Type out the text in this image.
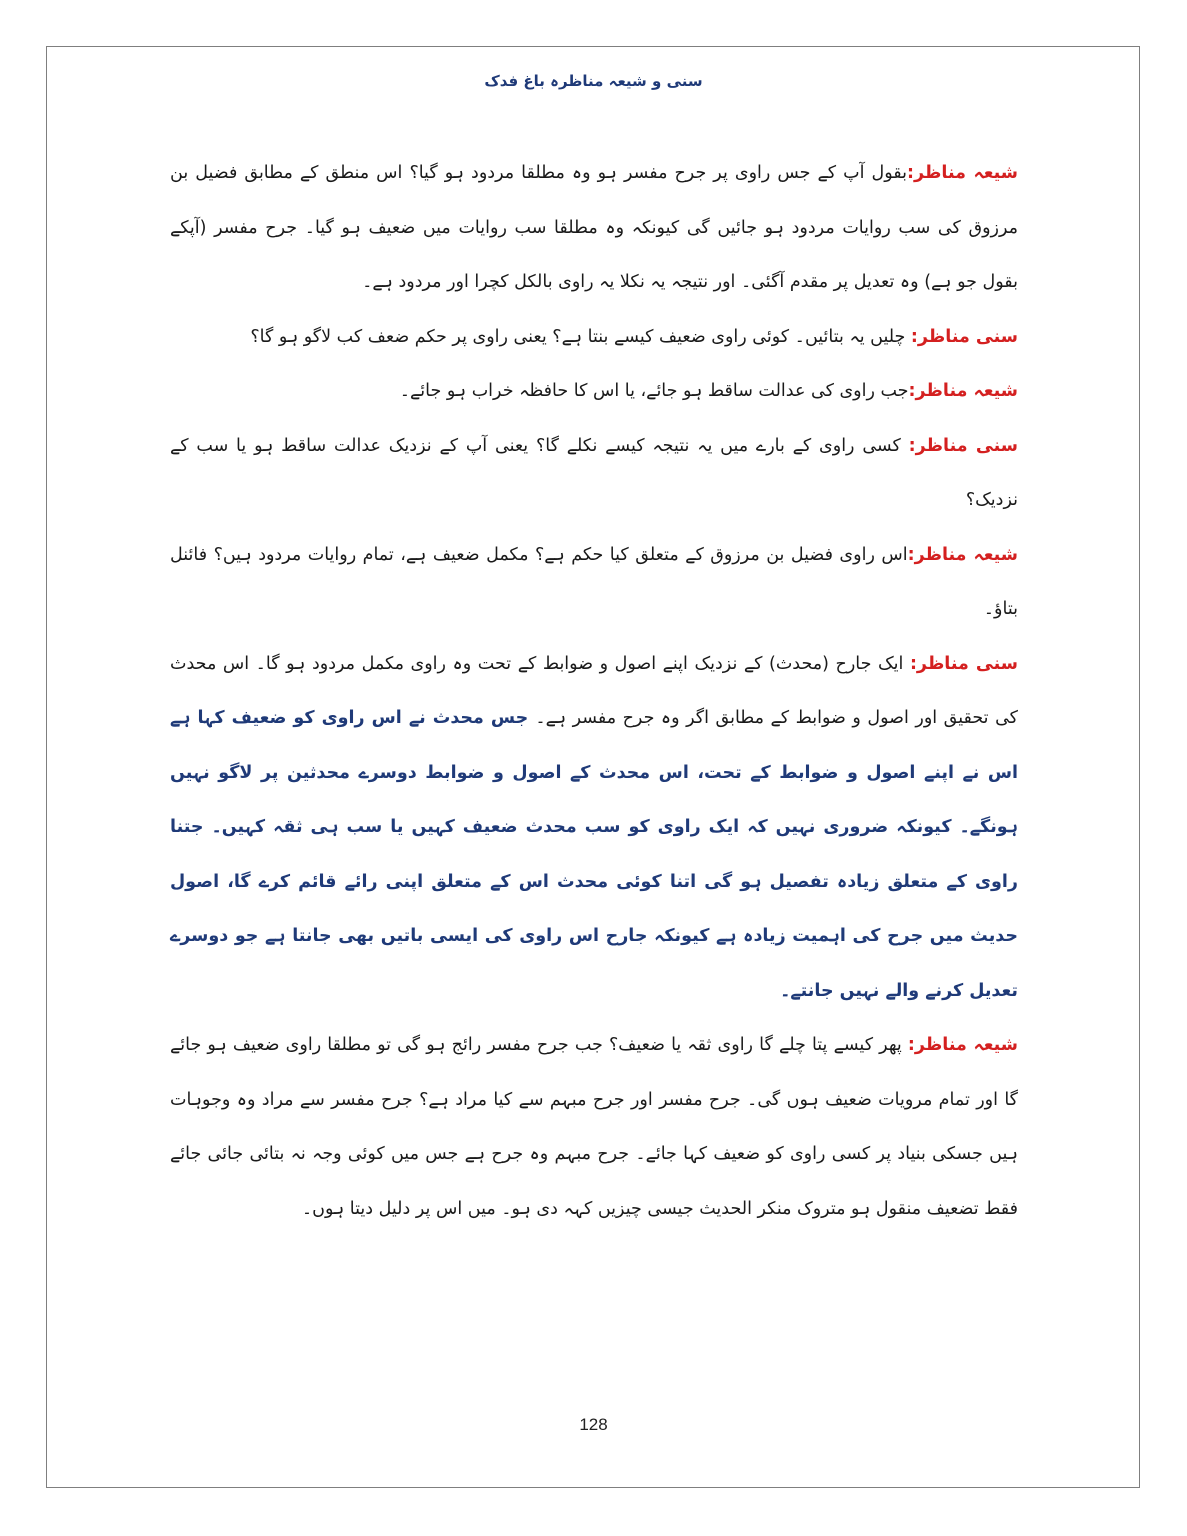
سنی و شیعہ مناظرہ باغ فدک

شیعہ مناظر:بقول آپ کے جس راوی پر جرح مفسر ہو وہ مطلقا مردود ہو گیا؟ اس منطق کے مطابق فضیل بن مرزوق کی سب روایات مردود ہو جائیں گی کیونکہ وہ مطلقا سب روایات میں ضعیف ہو گیا۔ جرح مفسر (آپکے بقول جو ہے) وہ تعدیل پر مقدم آگئی۔ اور نتیجہ یہ نکلا یہ راوی بالکل کچرا اور مردود ہے۔

سنی مناظر: چلیں یہ بتائیں۔ کوئی راوی ضعیف کیسے بنتا ہے؟ یعنی راوی پر حکم ضعف کب لاگو ہو گا؟

شیعہ مناظر:جب راوی کی عدالت ساقط ہو جائے، یا اس کا حافظہ خراب ہو جائے۔

سنی مناظر: کسی راوی کے بارے میں یہ نتیجہ کیسے نکلے گا؟ یعنی آپ کے نزدیک عدالت ساقط ہو یا سب کے نزدیک؟

شیعہ مناظر:اس راوی فضیل بن مرزوق کے متعلق کیا حکم ہے؟ مکمل ضعیف ہے، تمام روایات مردود ہیں؟ فائنل بتاؤ۔

سنی مناظر: ایک جارح (محدث) کے نزدیک اپنے اصول و ضوابط کے تحت وہ راوی مکمل مردود ہو گا۔ اس محدث کی تحقیق اور اصول و ضوابط کے مطابق اگر وہ جرح مفسر ہے۔ جس محدث نے اس راوی کو ضعیف کہا ہے اس نے اپنے اصول و ضوابط کے تحت، اس محدث کے اصول و ضوابط دوسرے محدثین پر لاگو نہیں ہونگے۔ کیونکہ ضروری نہیں کہ ایک راوی کو سب محدث ضعیف کہیں یا سب ہی ثقہ کہیں۔ جتنا راوی کے متعلق زیادہ تفصیل ہو گی اتنا کوئی محدث اس کے متعلق اپنی رائے قائم کرے گا، اصول حدیث میں جرح کی اہمیت زیادہ ہے کیونکہ جارح اس راوی کی ایسی باتیں بھی جانتا ہے جو دوسرے تعدیل کرنے والے نہیں جانتے۔

شیعہ مناظر: پھر کیسے پتا چلے گا راوی ثقہ یا ضعیف؟ جب جرح مفسر رائج ہو گی تو مطلقا راوی ضعیف ہو جائے گا اور تمام مرویات ضعیف ہوں گی۔ جرح مفسر اور جرح مبہم سے کیا مراد ہے؟ جرح مفسر سے مراد وہ وجوہات ہیں جسکی بنیاد پر کسی راوی کو ضعیف کہا جائے۔ جرح مبہم وہ جرح ہے جس میں کوئی وجہ نہ بتائی جائی جائے فقط تضعیف منقول ہو متروک منکر الحدیث جیسی چیزیں کہہ دی ہو۔ میں اس پر دلیل دیتا ہوں۔

128
